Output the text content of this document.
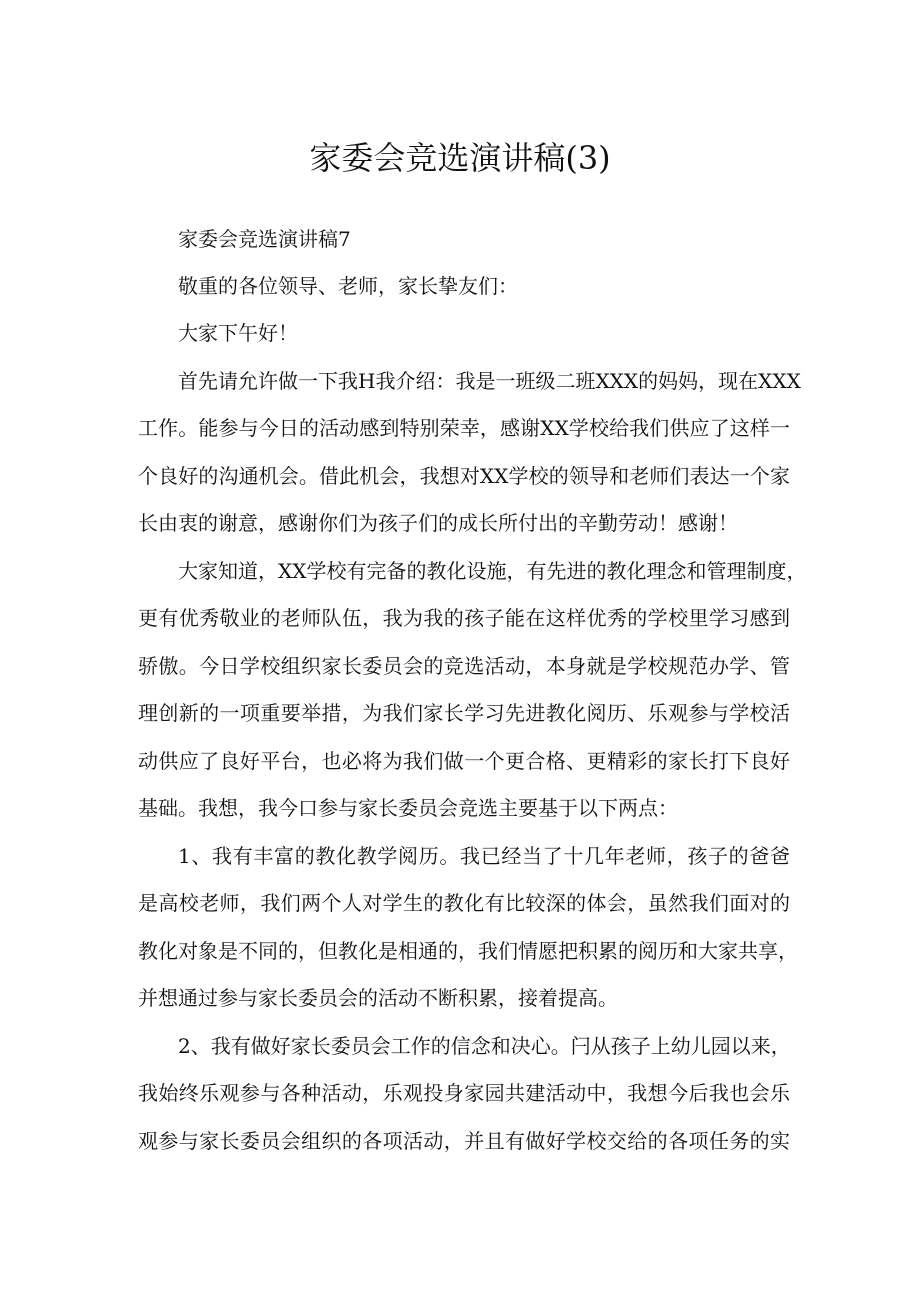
家委会竞选演讲稿(3)

家委会竞选演讲稿7

敬重的各位领导、老师，家长挚友们：

大家下午好！

首先请允许做一下我H我介绍：我是一班级二班XXX的妈妈，现在XXX

工作。能参与今日的活动感到特别荣幸，感谢XX学校给我们供应了这样一

个良好的沟通机会。借此机会，我想对XX学校的领导和老师们表达一个家

长由衷的谢意，感谢你们为孩子们的成长所付出的辛勤劳动！感谢！

大家知道，XX学校有完备的教化设施，有先进的教化理念和管理制度，

更有优秀敬业的老师队伍，我为我的孩子能在这样优秀的学校里学习感到

骄傲。今日学校组织家长委员会的竞选活动，本身就是学校规范办学、管

理创新的一项重要举措，为我们家长学习先进教化阅历、乐观参与学校活

动供应了良好平台，也必将为我们做一个更合格、更精彩的家长打下良好

基础。我想，我今口参与家长委员会竞选主要基于以下两点：

1、我有丰富的教化教学阅历。我已经当了十几年老师，孩子的爸爸

是高校老师，我们两个人对学生的教化有比较深的体会，虽然我们面对的

教化对象是不同的，但教化是相通的，我们情愿把积累的阅历和大家共享，

并想通过参与家长委员会的活动不断积累，接着提高。

2、我有做好家长委员会工作的信念和决心。闩从孩子上幼儿园以来，

我始终乐观参与各种活动，乐观投身家园共建活动中，我想今后我也会乐

观参与家长委员会组织的各项活动，并且有做好学校交给的各项任务的实
